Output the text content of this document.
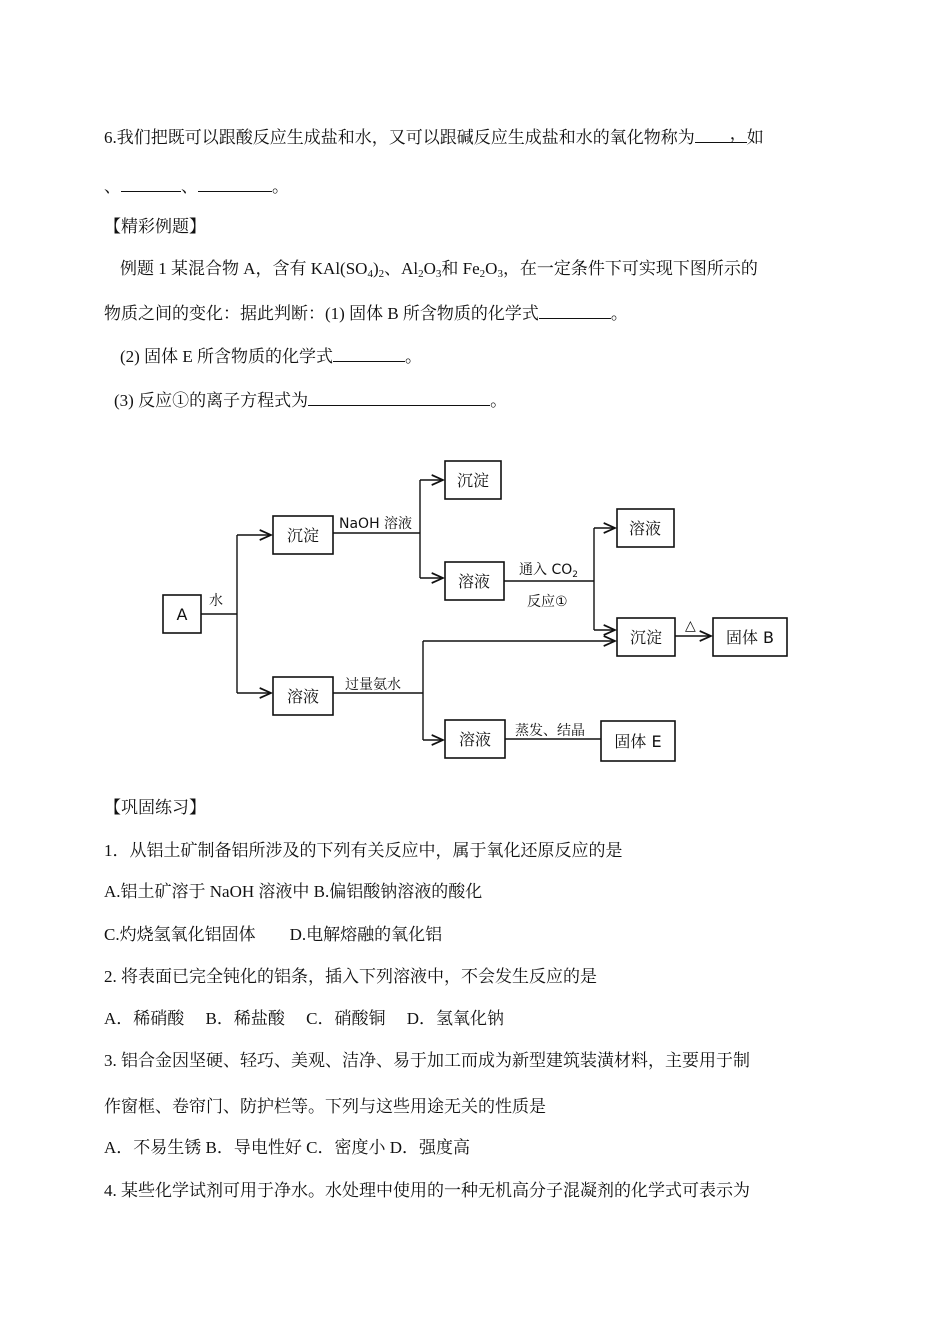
6.我们把既可以跟酸反应生成盐和水，又可以跟碱反应生成盐和水的氧化物称为 ， 如
、	、	。
【精彩例题】
例题 1 某混合物 A，含有 $KAl(SO_4)_2$、$Al_2O_3$和 $Fe_2O_3$，在一定条件下可实现下图所示的
物质之间的变化：据此判断：(1) 固体 B 所含物质的化学式	。
(2) 固体 E 所含物质的化学式	。
(3) 反应①的离子方程式为	。
A
沉淀
沉淀
溶液
溶液
沉淀	固体 B
溶液
溶液	固体 E
水
NaOH 溶液
通入 $CO_2$
反应①
△
过量氨水
蒸发、结晶
【巩固练习】
1．从铝土矿制备铝所涉及的下列有关反应中，属于氧化还原反应的是
A.铝土矿溶于 NaOH 溶液中 B.偏铝酸钠溶液的酸化
C.灼烧氢氧化铝固体　　D.电解熔融的氧化铝
2. 将表面已完全钝化的铝条，插入下列溶液中，不会发生反应的是
A．稀硝酸　 B．稀盐酸　 C．硝酸铜　 D．氢氧化钠
3. 铝合金因坚硬、轻巧、美观、洁净、易于加工而成为新型建筑装潢材料，主要用于制
作窗框、卷帘门、防护栏等。下列与这些用途无关的性质是
A．不易生锈 B．导电性好 C．密度小 D．强度高
4. 某些化学试剂可用于净水。水处理中使用的一种无机高分子混凝剂的化学式可表示为
